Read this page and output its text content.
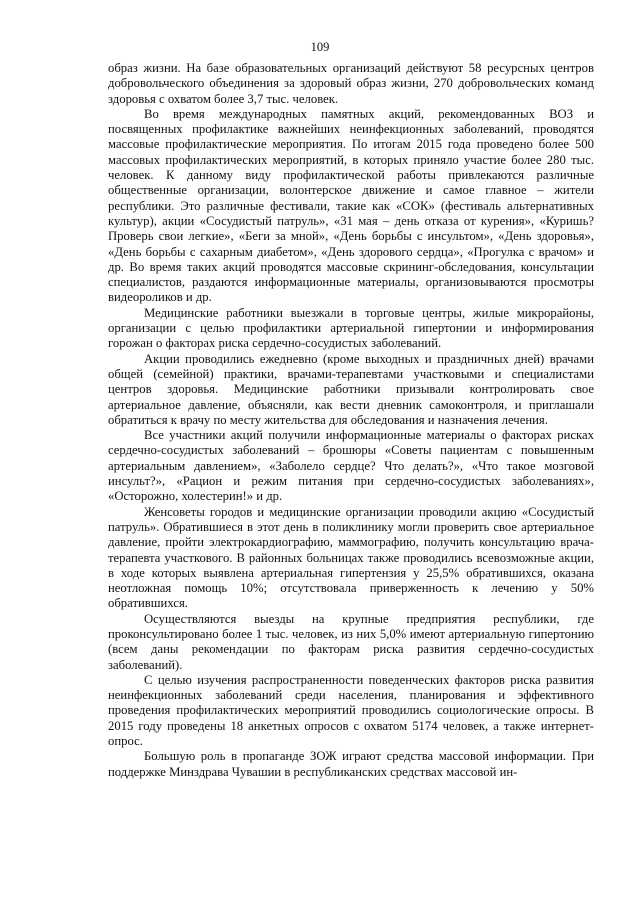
109

образ жизни. На базе образовательных организаций действуют 58 ресурсных центров добровольческого объединения за здоровый образ жизни, 270 добровольческих команд здоровья с охватом более 3,7 тыс. человек.

Во время международных памятных акций, рекомендованных ВОЗ и посвященных профилактике важнейших неинфекционных заболеваний, проводятся массовые профилактические мероприятия. По итогам 2015 года проведено более 500 массовых профилактических мероприятий, в которых приняло участие более 280 тыс. человек. К данному виду профилактической работы привлекаются различные общественные организации, волонтерское движение и самое главное – жители республики. Это различные фестивали, такие как «СОК» (фестиваль альтернативных культур), акции «Сосудистый патруль», «31 мая – день отказа от курения», «Куришь? Проверь свои легкие», «Беги за мной», «День борьбы с инсультом», «День здоровья», «День борьбы с сахарным диабетом», «День здорового сердца», «Прогулка с врачом» и др. Во время таких акций проводятся массовые скрининг-обследования, консультации специалистов, раздаются информационные материалы, организовываются просмотры видеороликов и др.

Медицинские работники выезжали в торговые центры, жилые микрорайоны, организации с целью профилактики артериальной гипертонии и информирования горожан о факторах риска сердечно-сосудистых заболеваний.

Акции проводились ежедневно (кроме выходных и праздничных дней) врачами общей (семейной) практики, врачами-терапевтами участковыми и специалистами центров здоровья. Медицинские работники призывали контролировать свое артериальное давление, объясняли, как вести дневник самоконтроля, и приглашали обратиться к врачу по месту жительства для обследования и назначения лечения.

Все участники акций получили информационные материалы о факторах рисках сердечно-сосудистых заболеваний – брошюры «Советы пациентам с повышенным артериальным давлением», «Заболело сердце? Что делать?», «Что такое мозговой инсульт?», «Рацион и режим питания при сердечно-сосудистых заболеваниях», «Осторожно, холестерин!» и др.

Женсоветы городов и медицинские организации проводили акцию «Сосудистый патруль». Обратившиеся в этот день в поликлинику могли проверить свое артериальное давление, пройти электрокардиографию, маммографию, получить консультацию врача-терапевта участкового. В районных больницах также проводились всевозможные акции, в ходе которых выявлена артериальная гипертензия у 25,5% обратившихся, оказана неотложная помощь 10%; отсутствовала приверженность к лечению у 50% обратившихся.

Осуществляются выезды на крупные предприятия республики, где проконсультировано более 1 тыс. человек, из них 5,0% имеют артериальную гипертонию (всем даны рекомендации по факторам риска развития сердечно-сосудистых заболеваний).

С целью изучения распространенности поведенческих факторов риска развития неинфекционных заболеваний среди населения, планирования и эффективного проведения профилактических мероприятий проводились социологические опросы. В 2015 году проведены 18 анкетных опросов с охватом 5174 человек, а также интернет-опрос.

Большую роль в пропаганде ЗОЖ играют средства массовой информации. При поддержке Минздрава Чувашии в республиканских средствах массовой ин-
